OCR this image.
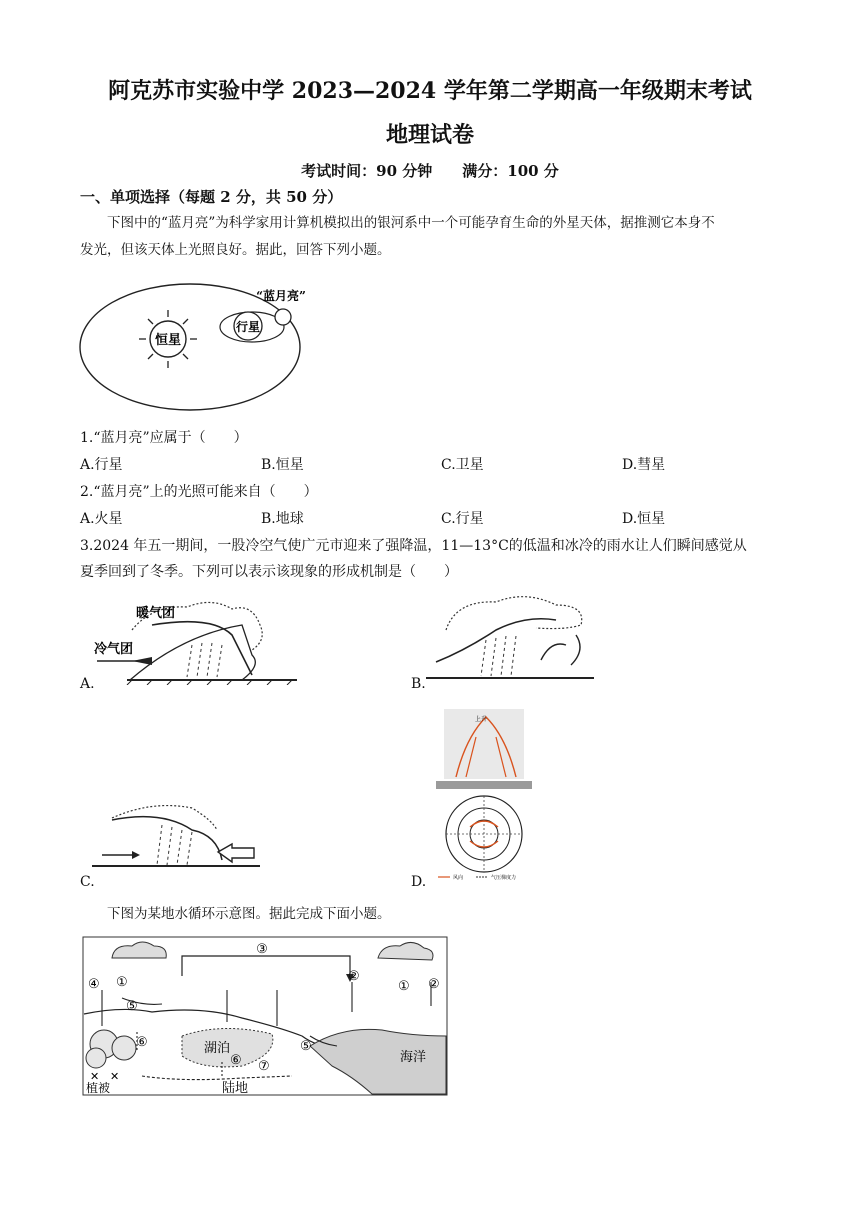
阿克苏市实验中学 2023—2024 学年第二学期高一年级期末考试
地理试卷
考试时间：90 分钟　　满分：100 分
一、单项选择（每题 2 分，共 50 分）
下图中的“蓝月亮”为科学家用计算机模拟出的银河系中一个可能孕育生命的外星天体，据推测它本身不
发光，但该天体上光照良好。据此，回答下列小题。
恒星
行星
“蓝月亮”
1.“蓝月亮”应属于（　　）
A.行星	B.恒星	C.卫星	D.彗星
2.“蓝月亮”上的光照可能来自（　　）
A.火星	B.地球	C.行星	D.恒星
3.2024 年五一期间，一股冷空气使广元市迎来了强降温，11—13°C的低温和冰冷的雨水让人们瞬间感觉从
夏季回到了冬季。下列可以表示该现象的形成机制是（　　）
暖气团
冷气团
A.	B.
C.
上升
风向	气压梯度力
D.
下图为某地水循环示意图。据此完成下面小题。
③
海洋
湖泊
✕ ✕
植被	陆地
④ ①
⑤
⑥
⑥ ⑦
⑤
②
① ②
